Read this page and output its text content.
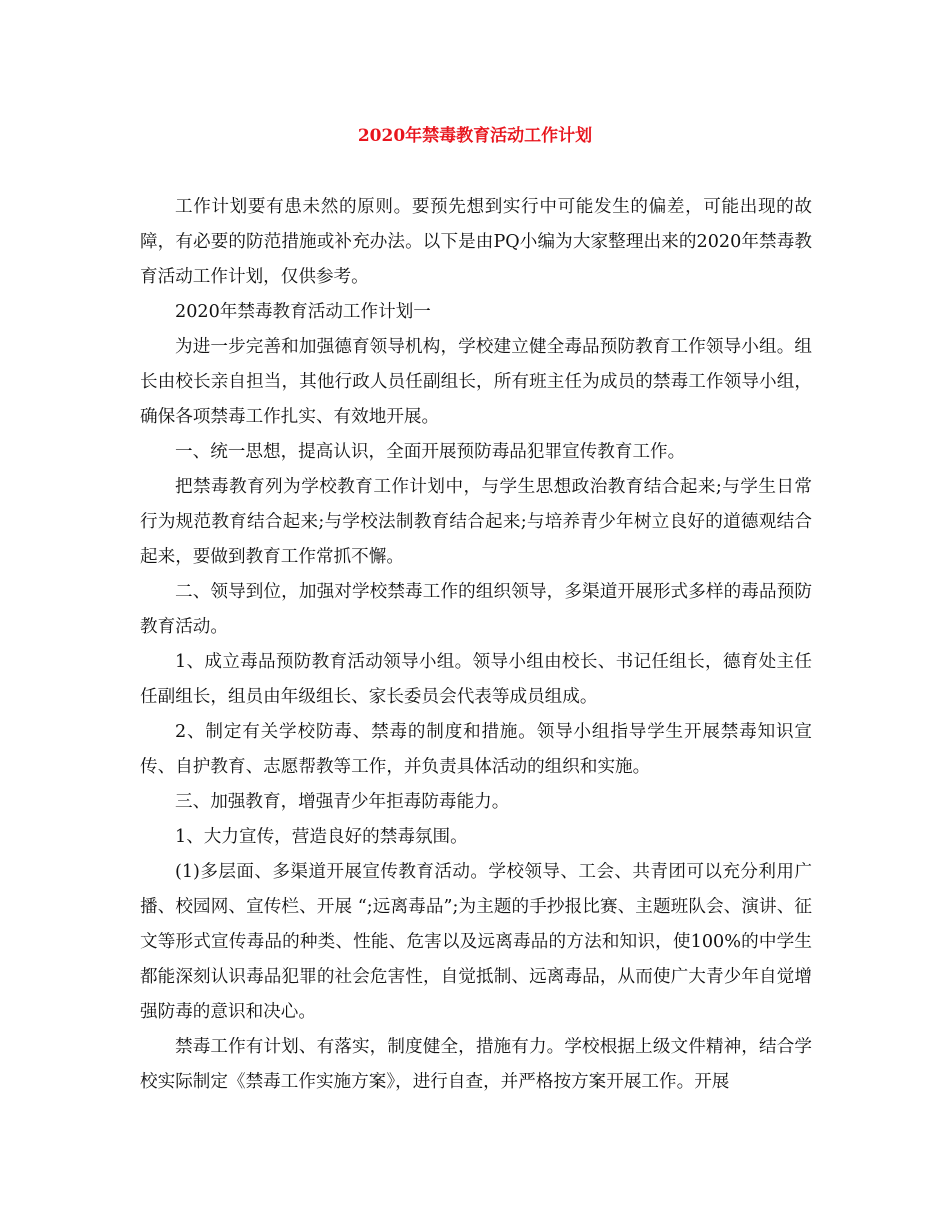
2020年禁毒教育活动工作计划

工作计划要有患未然的原则。要预先想到实行中可能发生的偏差，可能出现的故障，有必要的防范措施或补充办法。以下是由PQ小编为大家整理出来的2020年禁毒教育活动工作计划，仅供参考。

2020年禁毒教育活动工作计划一

为进一步完善和加强德育领导机构，学校建立健全毒品预防教育工作领导小组。组长由校长亲自担当，其他行政人员任副组长，所有班主任为成员的禁毒工作领导小组，确保各项禁毒工作扎实、有效地开展。

一、统一思想，提高认识，全面开展预防毒品犯罪宣传教育工作。

把禁毒教育列为学校教育工作计划中，与学生思想政治教育结合起来;与学生日常行为规范教育结合起来;与学校法制教育结合起来;与培养青少年树立良好的道德观结合起来，要做到教育工作常抓不懈。

二、领导到位，加强对学校禁毒工作的组织领导，多渠道开展形式多样的毒品预防教育活动。

1、成立毒品预防教育活动领导小组。领导小组由校长、书记任组长，德育处主任任副组长，组员由年级组长、家长委员会代表等成员组成。

2、制定有关学校防毒、禁毒的制度和措施。领导小组指导学生开展禁毒知识宣传、自护教育、志愿帮教等工作，并负责具体活动的组织和实施。

三、加强教育，增强青少年拒毒防毒能力。

1、大力宣传，营造良好的禁毒氛围。

(1)多层面、多渠道开展宣传教育活动。学校领导、工会、共青团可以充分利用广播、校园网、宣传栏、开展 “;远离毒品”;为主题的手抄报比赛、主题班队会、演讲、征文等形式宣传毒品的种类、性能、危害以及远离毒品的方法和知识，使100%的中学生都能深刻认识毒品犯罪的社会危害性，自觉抵制、远离毒品，从而使广大青少年自觉增强防毒的意识和决心。

禁毒工作有计划、有落实，制度健全，措施有力。学校根据上级文件精神，结合学校实际制定《禁毒工作实施方案》，进行自查，并严格按方案开展工作。开展
